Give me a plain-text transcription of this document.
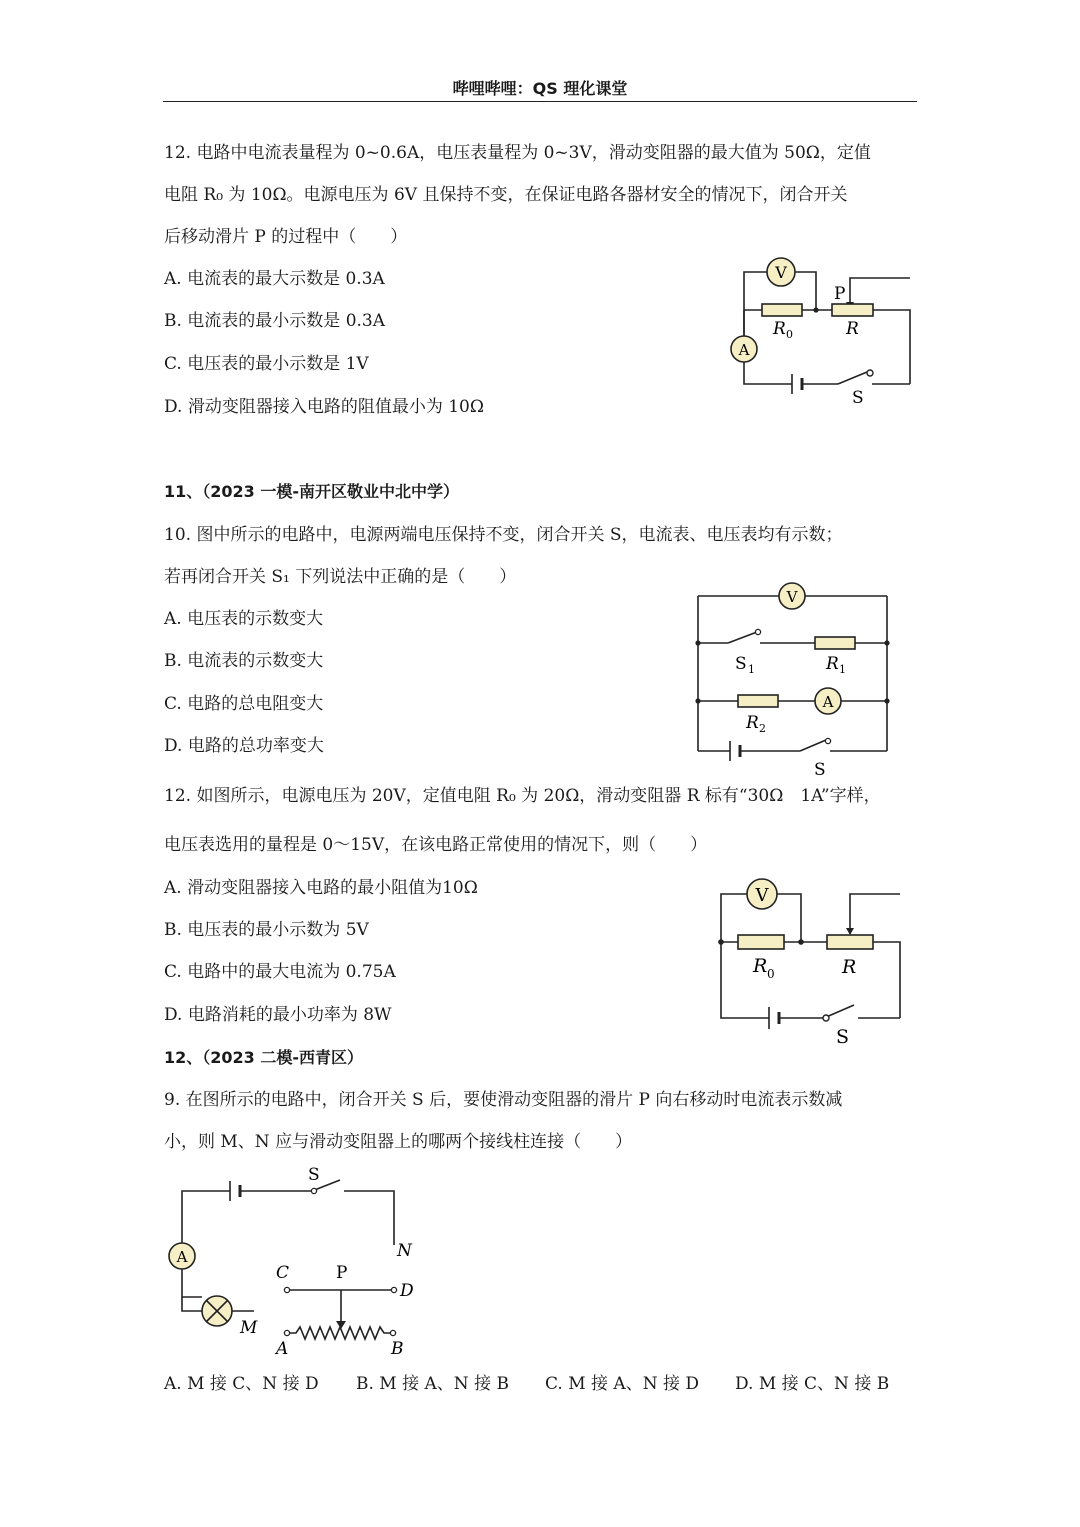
哔哩哔哩：QS 理化课堂
12. 电路中电流表量程为 0~0.6A，电压表量程为 0~3V，滑动变阻器的最大值为 50Ω，定值
电阻 R₀ 为 10Ω。电源电压为 6V 且保持不变，在保证电路各器材安全的情况下，闭合开关
后移动滑片 P 的过程中（　　）
A. 电流表的最大示数是 0.3A
B. 电流表的最小示数是 0.3A
C. 电压表的最小示数是 1V
D. 滑动变阻器接入电路的阻值最小为 10Ω
V
A
P
R 0	R
S
11、（2023 一模-南开区敬业中北中学）
10. 图中所示的电路中，电源两端电压保持不变，闭合开关 S，电流表、电压表均有示数；
若再闭合开关 S₁ 下列说法中正确的是（　　）
A. 电压表的示数变大
B. 电流表的示数变大
C. 电路的总电阻变大
D. 电路的总功率变大
V
A
S 1	R 1
R 2
S
12. 如图所示，电源电压为 20V，定值电阻 R₀ 为 20Ω，滑动变阻器 R 标有“30Ω　1A”字样，
电压表选用的量程是 0～15V，在该电路正常使用的情况下，则（　　）
A. 滑动变阻器接入电路的最小阻值为10Ω
B. 电压表的最小示数为 5V
C. 电路中的最大电流为 0.75A
D. 电路消耗的最小功率为 8W
V
R 0	R
S
12、（2023 二模-西青区）
9. 在图所示的电路中，闭合开关 S 后，要使滑动变阻器的滑片 P 向右移动时电流表示数减
小，则 M、N 应与滑动变阻器上的哪两个接线柱连接（　　）
A
S
N
M
C
D
P
A	B
A. M 接 C、N 接 D B. M 接 A、N 接 B C. M 接 A、N 接 D D. M 接 C、N 接 B
